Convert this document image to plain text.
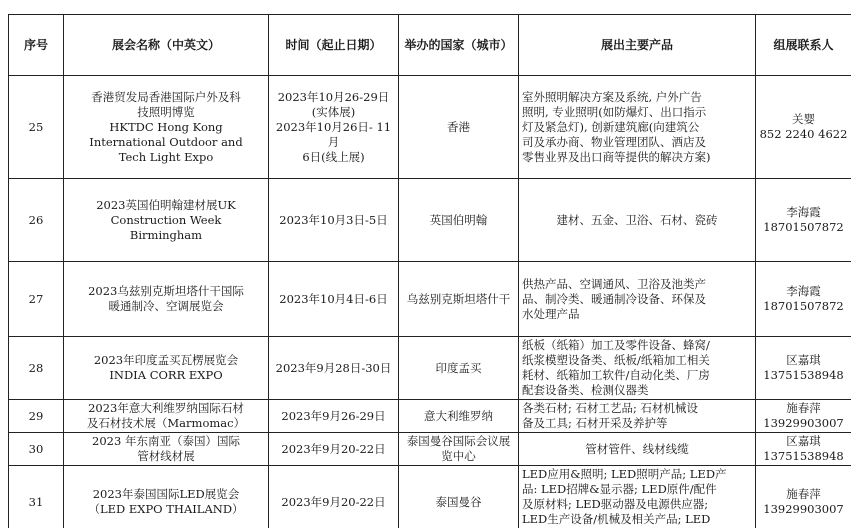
序号	展会名称（中英文）	时间（起止日期）	举办的国家（城市）	展出主要产品	组展联系人
25	香港贸发局香港国际户外及科
技照明博览
HKTDC Hong Kong
International Outdoor and
Tech Light Expo	2023年10月26-29日
(实体展)
2023年10月26日- 11月
6日(线上展)	香港	室外照明解决方案及系统, 户外广告
照明, 专业照明(如防爆灯、出口指示
灯及紧急灯), 创新建筑廊(向建筑公
司及承办商、物业管理团队、酒店及
零售业界及出口商等提供的解决方案)	关婴
852 2240 4622

26	2023英国伯明翰建材展UK
Construction Week
Birmingham	2023年10月3日-5日	英国伯明翰	建材、五金、卫浴、石材、瓷砖	李海霞
18701507872

27	2023乌兹别克斯坦塔什干国际
暖通制冷、空调展览会	2023年10月4日-6日	乌兹别克斯坦塔什干	供热产品、空调通风、卫浴及池类产
品、制冷类、暖通制冷设备、环保及
水处理产品	李海霞
18701507872

28	2023年印度孟买瓦楞展览会
INDIA CORR EXPO	2023年9月28日-30日	印度孟买	纸板（纸箱）加工及零件设备、蜂窝/
纸浆模塑设备类、纸板/纸箱加工相关
耗材、纸箱加工软件/自动化类、厂房
配套设备类、检测仪器类	区嘉琪
13751538948

29	2023年意大利维罗纳国际石材
及石材技术展（Marmomac）	2023年9月26-29日	意大利维罗纳	各类石材; 石材工艺品; 石材机械设
备及工具; 石材开采及养护等	施春萍
13929903007

30	2023 年东南亚（泰国）国际
管材线材展	2023年9月20-22日	泰国曼谷国际会议展览中心	管材管件、线材线缆	区嘉琪
13751538948

31	2023年泰国国际LED展览会
（LED EXPO THAILAND）	2023年9月20-22日	泰国曼谷	LED应用&照明; LED照明产品; LED产
品: LED招牌&显示器; LED原件/配件
及原材料; LED驱动器及电源供应器;
LED生产设备/机械及相关产品; LED	施春萍
13929903007
